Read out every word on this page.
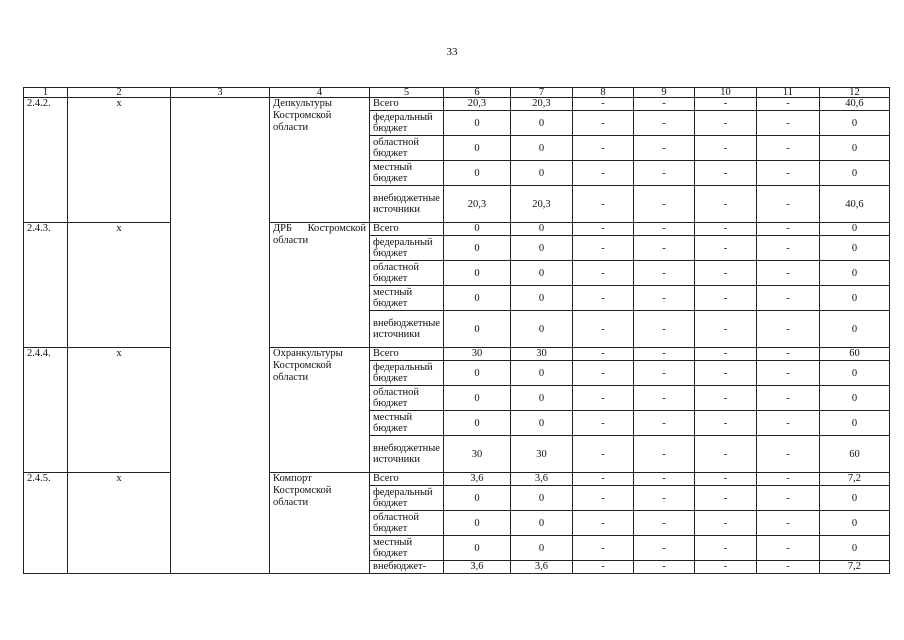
33
1	2	3	4	5	6	7	8	9	10	11	12
2.4.2.	x		Депкультуры Костромской области	Всего	20,3	20,3	-	-	-	-	40,6
				федеральный бюджет	0	0	-	-	-	-	0
				областной бюджет	0	0	-	-	-	-	0
				местный бюджет	0	0	-	-	-	-	0
				внебюджетные источники	20,3	20,3	-	-	-	-	40,6
2.4.3.	x		ДРБ Костромской области	Всего	0	0	-	-	-	-	0
				федеральный бюджет	0	0	-	-	-	-	0
				областной бюджет	0	0	-	-	-	-	0
				местный бюджет	0	0	-	-	-	-	0
				внебюджетные источники	0	0	-	-	-	-	0
2.4.4.	x		Охранкультуры Костромской области	Всего	30	30	-	-	-	-	60
				федеральный бюджет	0	0	-	-	-	-	0
				областной бюджет	0	0	-	-	-	-	0
				местный бюджет	0	0	-	-	-	-	0
				внебюджетные источники	30	30	-	-	-	-	60
2.4.5.	x		Компорт Костромской области	Всего	3,6	3,6	-	-	-	-	7,2
				федеральный бюджет	0	0	-	-	-	-	0
				областной бюджет	0	0	-	-	-	-	0
				местный бюджет	0	0	-	-	-	-	0
				внебюджет-	3,6	3,6	-	-	-	-	7,2
